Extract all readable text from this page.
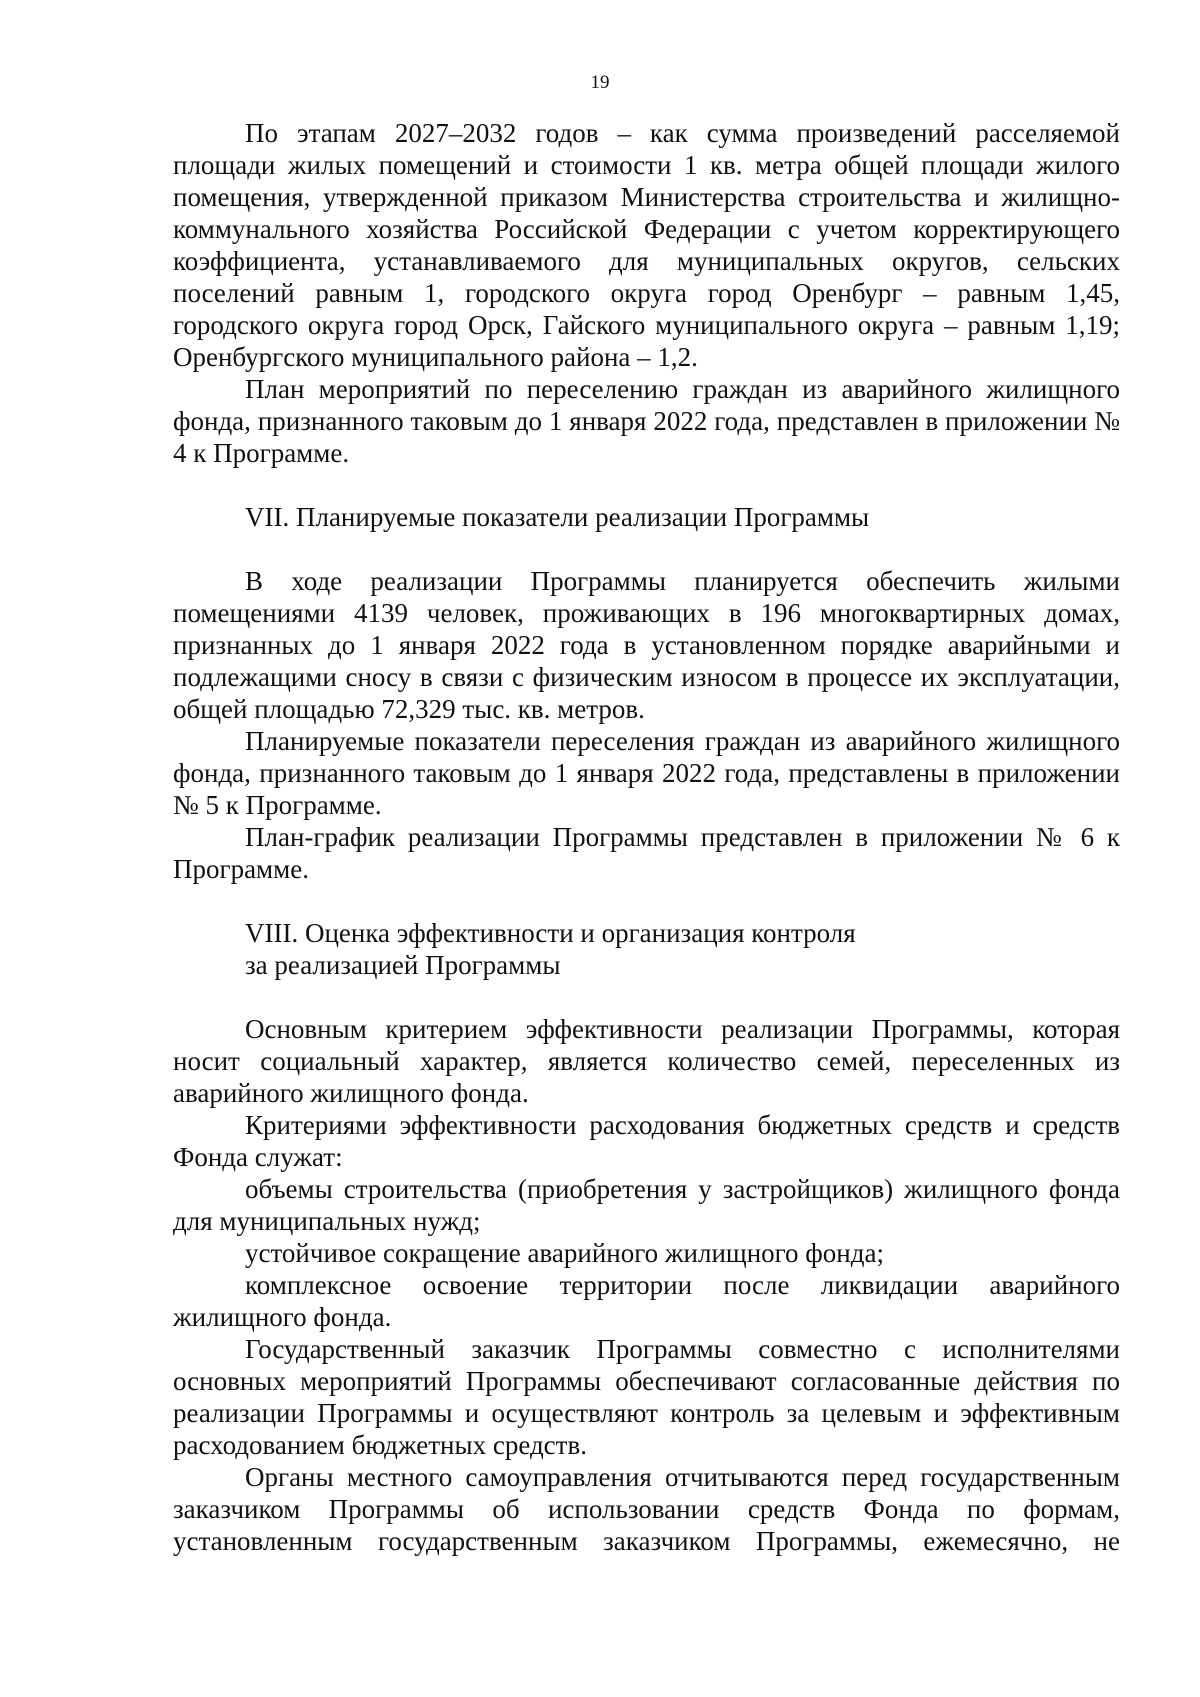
19

По этапам 2027–2032 годов – как сумма произведений расселяемой площади жилых помещений и стоимости 1 кв. метра общей площади жилого помещения, утвержденной приказом Министерства строительства и жилищно-коммунального хозяйства Российской Федерации с учетом корректирующего коэффициента, устанавливаемого для муниципальных округов, сельских поселений равным 1, городского округа город Оренбург – равным 1,45, городского округа город Орск, Гайского муниципального округа – равным 1,19; Оренбургского муниципального района – 1,2.

План мероприятий по переселению граждан из аварийного жилищного фонда, признанного таковым до 1 января 2022 года, представлен в приложении № 4 к Программе.

VII. Планируемые показатели реализации Программы

В ходе реализации Программы планируется обеспечить жилыми помещениями 4139 человек, проживающих в 196 многоквартирных домах, признанных до 1 января 2022 года в установленном порядке аварийными и подлежащими сносу в связи с физическим износом в процессе их эксплуатации, общей площадью 72,329 тыс. кв. метров.

Планируемые показатели переселения граждан из аварийного жилищного фонда, признанного таковым до 1 января 2022 года, представлены в приложении № 5 к Программе.

План-график реализации Программы представлен в приложении № 6 к Программе.

VIII. Оценка эффективности и организация контроля

за реализацией Программы

Основным критерием эффективности реализации Программы, которая носит социальный характер, является количество семей, переселенных из аварийного жилищного фонда.

Критериями эффективности расходования бюджетных средств и средств Фонда служат:

объемы строительства (приобретения у застройщиков) жилищного фонда для муниципальных нужд;

устойчивое сокращение аварийного жилищного фонда;

комплексное освоение территории после ликвидации аварийного жилищного фонда.

Государственный заказчик Программы совместно с исполнителями основных мероприятий Программы обеспечивают согласованные действия по реализации Программы и осуществляют контроль за целевым и эффективным расходованием бюджетных средств.

Органы местного самоуправления отчитываются перед государственным заказчиком Программы об использовании средств Фонда по формам, установленным государственным заказчиком Программы, ежемесячно, не
